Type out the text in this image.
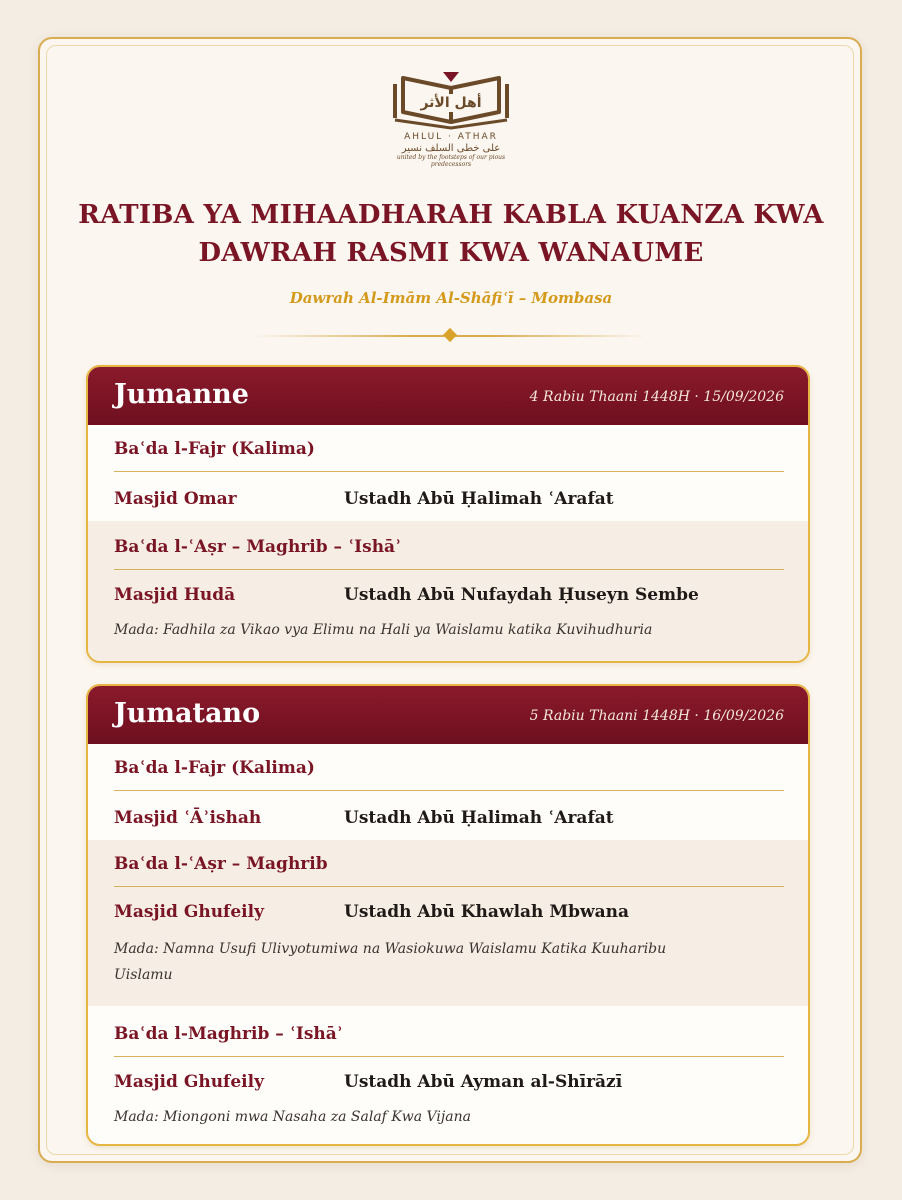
أهل الأثر
AHLUL · ATHAR
على خطى السلف نسير
united by the footsteps of our pious predecessors
RATIBA YA MIHAADHARAH KABLA KUANZA KWA
DAWRAH RASMI KWA WANAUME
Dawrah Al-Imām Al-Shāfiʿī – Mombasa
Jumanne	4 Rabiu Thaani 1448H · 15/09/2026
Baʿda l-Fajr (Kalima)
Masjid Omar	Ustadh Abū Ḥalimah ʿArafat
Baʿda l-ʿAṣr – Maghrib – ʿIshāʾ
Masjid Hudā	Ustadh Abū Nufaydah Ḥuseyn Sembe
Mada: Fadhila za Vikao vya Elimu na Hali ya Waislamu katika Kuvihudhuria
Jumatano	5 Rabiu Thaani 1448H · 16/09/2026
Baʿda l-Fajr (Kalima)
Masjid ʿĀʾishah	Ustadh Abū Ḥalimah ʿArafat
Baʿda l-ʿAṣr – Maghrib
Masjid Ghufeily	Ustadh Abū Khawlah Mbwana
Mada: Namna Usufi Ulivyotumiwa na Wasiokuwa Waislamu Katika Kuuharibu
Uislamu
Baʿda l-Maghrib – ʿIshāʾ
Masjid Ghufeily	Ustadh Abū Ayman al-Shīrāzī
Mada: Miongoni mwa Nasaha za Salaf Kwa Vijana
